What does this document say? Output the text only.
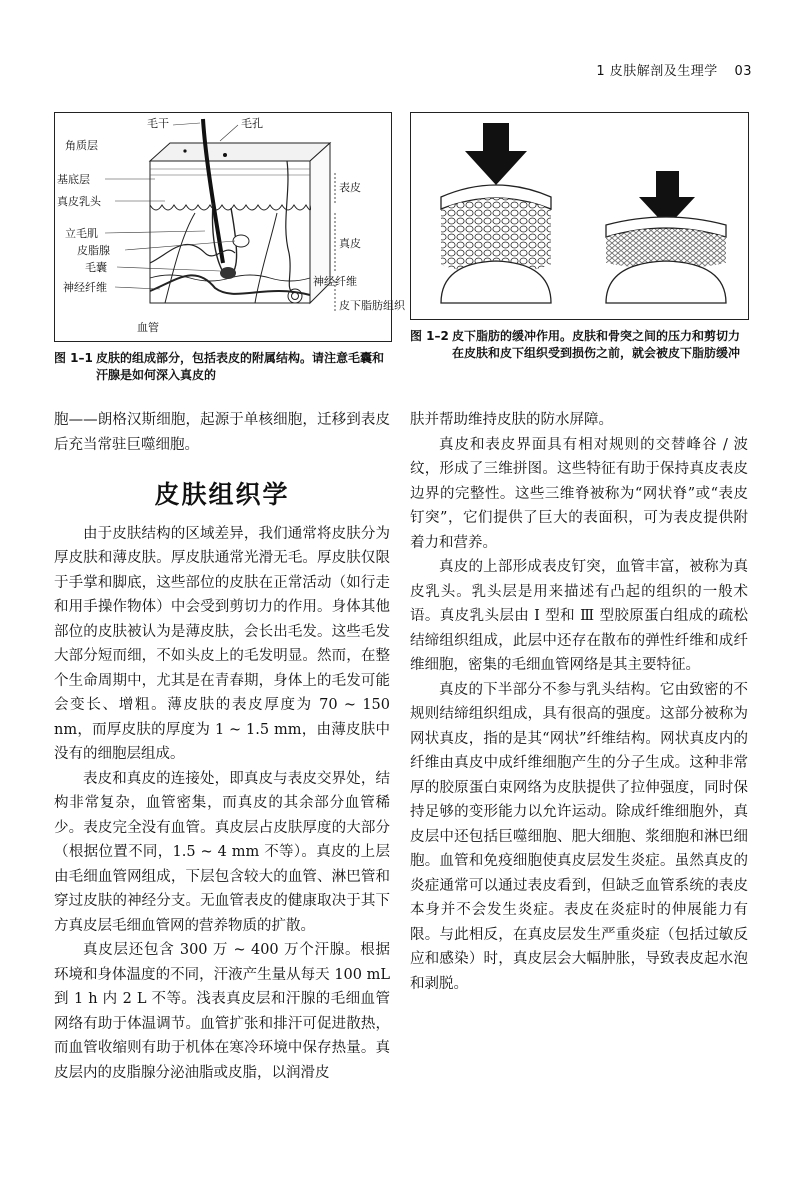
1 皮肤解剖及生理学 03
角质层
基底层
真皮乳头
立毛肌
皮脂腺
毛囊
神经纤维
血管
毛干	毛孔
表皮
真皮
神经纤维
皮下脂肪组织
图 1–1 皮肤的组成部分，包括表皮的附属结构。请注意毛囊和汗腺是如何深入真皮的
图 1–2 皮下脂肪的缓冲作用。皮肤和骨突之间的压力和剪切力在皮肤和皮下组织受到损伤之前，就会被皮下脂肪缓冲

胞——朗格汉斯细胞，起源于单核细胞，迁移到表皮后充当常驻巨噬细胞。

皮肤组织学

由于皮肤结构的区域差异，我们通常将皮肤分为厚皮肤和薄皮肤。厚皮肤通常光滑无毛。厚皮肤仅限于手掌和脚底，这些部位的皮肤在正常活动（如行走和用手操作物体）中会受到剪切力的作用。身体其他部位的皮肤被认为是薄皮肤，会长出毛发。这些毛发大部分短而细，不如头皮上的毛发明显。然而，在整个生命周期中，尤其是在青春期，身体上的毛发可能会变长、增粗。薄皮肤的表皮厚度为 70 ~ 150 nm，而厚皮肤的厚度为 1 ~ 1.5 mm，由薄皮肤中没有的细胞层组成。

表皮和真皮的连接处，即真皮与表皮交界处，结构非常复杂，血管密集，而真皮的其余部分血管稀少。表皮完全没有血管。真皮层占皮肤厚度的大部分（根据位置不同，1.5 ~ 4 mm 不等）。真皮的上层由毛细血管网组成，下层包含较大的血管、淋巴管和穿过皮肤的神经分支。无血管表皮的健康取决于其下方真皮层毛细血管网的营养物质的扩散。

真皮层还包含 300 万 ~ 400 万个汗腺。根据环境和身体温度的不同，汗液产生量从每天 100 mL 到 1 h 内 2 L 不等。浅表真皮层和汗腺的毛细血管网络有助于体温调节。血管扩张和排汗可促进散热，而血管收缩则有助于机体在寒冷环境中保存热量。真皮层内的皮脂腺分泌油脂或皮脂，以润滑皮

肤并帮助维持皮肤的防水屏障。

真皮和表皮界面具有相对规则的交替峰谷 / 波纹，形成了三维拼图。这些特征有助于保持真皮表皮边界的完整性。这些三维脊被称为“网状脊”或“表皮钉突”，它们提供了巨大的表面积，可为表皮提供附着力和营养。

真皮的上部形成表皮钉突，血管丰富，被称为真皮乳头。乳头层是用来描述有凸起的组织的一般术语。真皮乳头层由 Ⅰ 型和 Ⅲ 型胶原蛋白组成的疏松结缔组织组成，此层中还存在散布的弹性纤维和成纤维细胞，密集的毛细血管网络是其主要特征。

真皮的下半部分不参与乳头结构。它由致密的不规则结缔组织组成，具有很高的强度。这部分被称为网状真皮，指的是其“网状”纤维结构。网状真皮内的纤维由真皮中成纤维细胞产生的分子生成。这种非常厚的胶原蛋白束网络为皮肤提供了拉伸强度，同时保持足够的变形能力以允许运动。除成纤维细胞外，真皮层中还包括巨噬细胞、肥大细胞、浆细胞和淋巴细胞。血管和免疫细胞使真皮层发生炎症。虽然真皮的炎症通常可以通过表皮看到，但缺乏血管系统的表皮本身并不会发生炎症。表皮在炎症时的伸展能力有限。与此相反，在真皮层发生严重炎症（包括过敏反应和感染）时，真皮层会大幅肿胀，导致表皮起水泡和剥脱。
